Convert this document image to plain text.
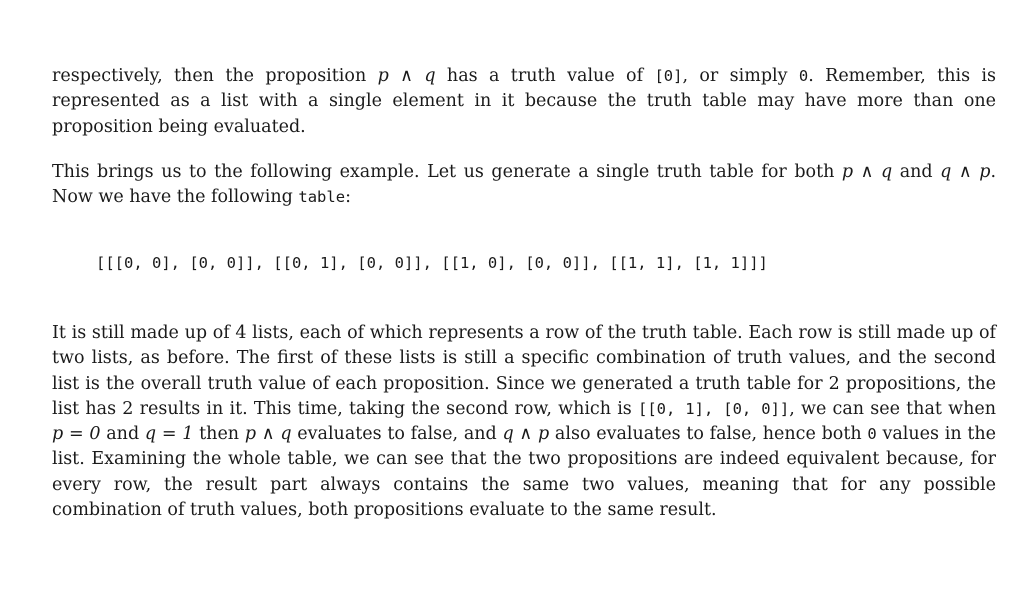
respectively, then the proposition p ∧ q has a truth value of [0], or simply 0. Remember, this is represented as a list with a single element in it because the truth table may have more than one proposition being evaluated.

This brings us to the following example. Let us generate a single truth table for both p ∧ q and q ∧ p. Now we have the following table:

[[[0, 0], [0, 0]], [[0, 1], [0, 0]], [[1, 0], [0, 0]], [[1, 1], [1, 1]]]

It is still made up of 4 lists, each of which represents a row of the truth table. Each row is still made up of two lists, as before. The first of these lists is still a specific combination of truth values, and the second list is the overall truth value of each proposition. Since we generated a truth table for 2 propositions, the list has 2 results in it. This time, taking the second row, which is [[0, 1], [0, 0]], we can see that when p = 0 and q = 1 then p ∧ q evaluates to false, and q ∧ p also evaluates to false, hence both 0 values in the list. Examining the whole table, we can see that the two propositions are indeed equivalent because, for every row, the result part always contains the same two values, meaning that for any possible combination of truth values, both propositions evaluate to the same result.
